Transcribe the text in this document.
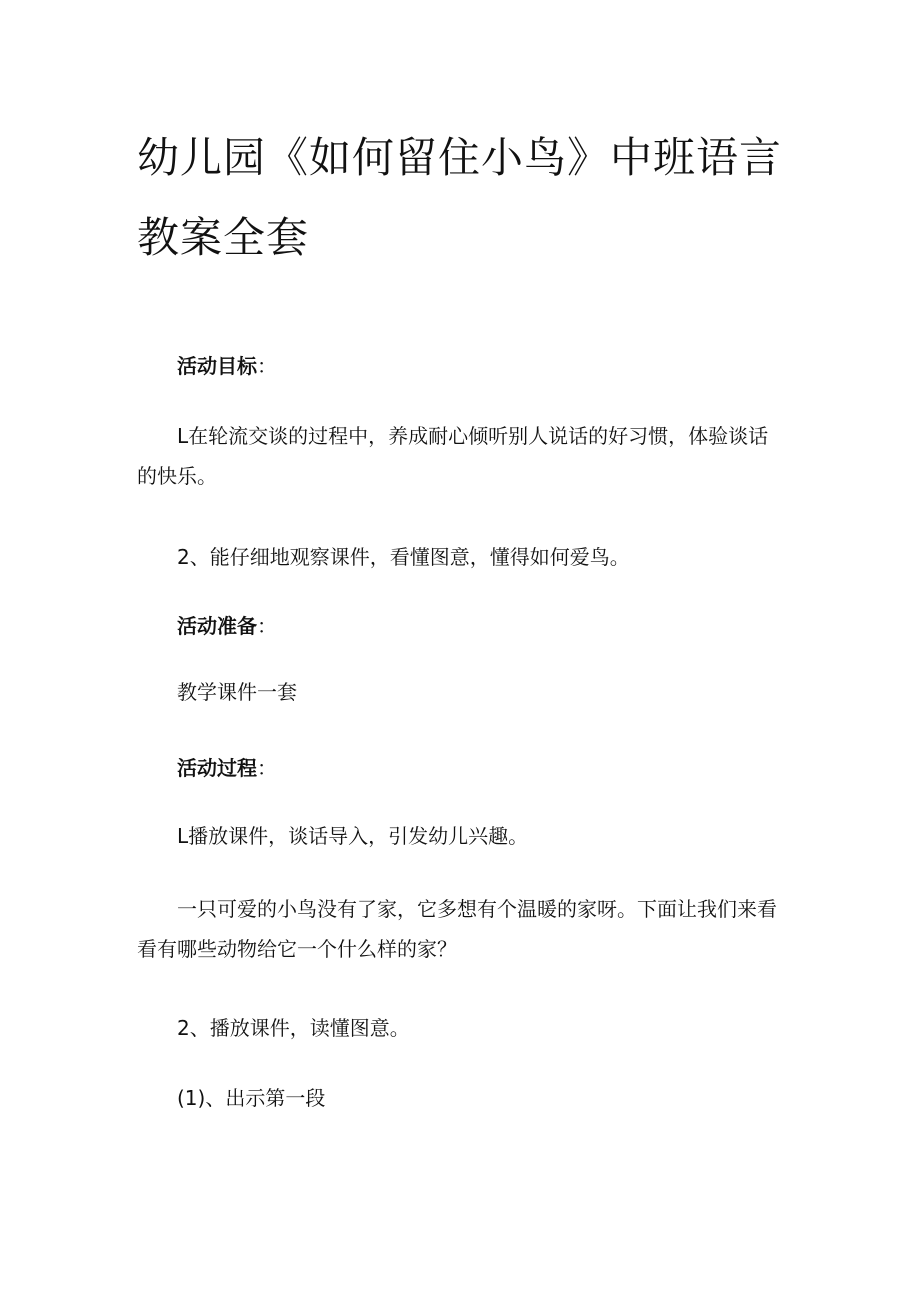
幼儿园《如何留住小鸟》中班语言教案全套

活动目标：

L在轮流交谈的过程中，养成耐心倾听别人说话的好习惯，体验谈话的快乐。

2、能仔细地观察课件，看懂图意，懂得如何爱鸟。

活动准备：

教学课件一套

活动过程：

L播放课件，谈话导入，引发幼儿兴趣。

一只可爱的小鸟没有了家，它多想有个温暖的家呀。下面让我们来看看有哪些动物给它一个什么样的家？

2、播放课件，读懂图意。

(1)、出示第一段
